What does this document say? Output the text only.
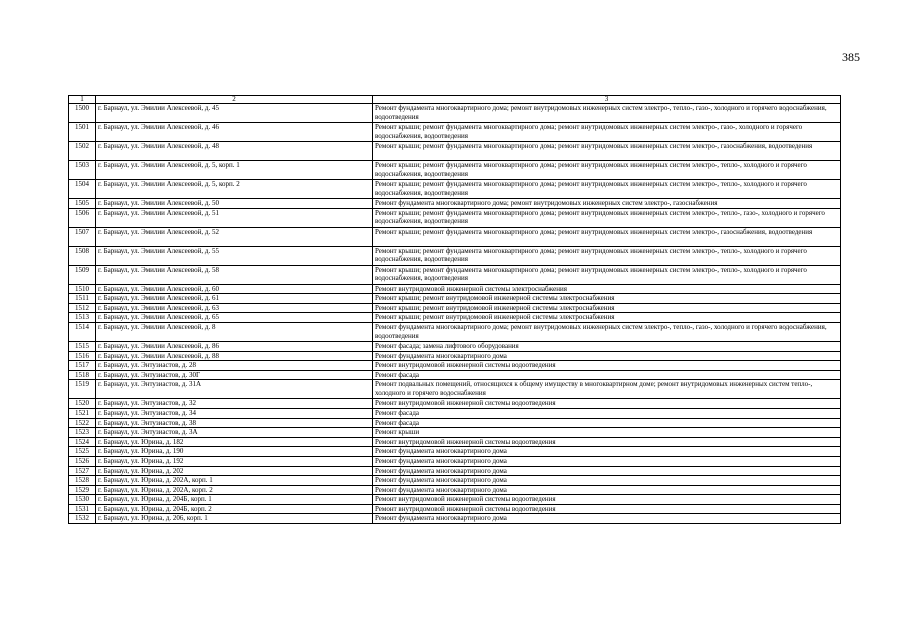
385
1	2	3
1500	г. Барнаул, ул. Эмилии Алексеевой, д. 45	Ремонт фундамента многоквартирного дома; ремонт внутридомовых инженерных систем электро-, тепло-, газо-, холодного и горячего водоснабжения, водоотведения
1501	г. Барнаул, ул. Эмилии Алексеевой, д. 46	Ремонт крыши; ремонт фундамента многоквартирного дома; ремонт внутридомовых инженерных систем электро-, газо-, холодного и горячего водоснабжения, водоотведения
1502	г. Барнаул, ул. Эмилии Алексеевой, д. 48	Ремонт крыши; ремонт фундамента многоквартирного дома; ремонт внутридомовых инженерных систем электро-, газоснабжения, водоотведения
1503	г. Барнаул, ул. Эмилии Алексеевой, д. 5, корп. 1	Ремонт крыши; ремонт фундамента многоквартирного дома; ремонт внутридомовых инженерных систем электро-, тепло-, холодного и горячего водоснабжения, водоотведения
1504	г. Барнаул, ул. Эмилии Алексеевой, д. 5, корп. 2	Ремонт крыши; ремонт фундамента многоквартирного дома; ремонт внутридомовых инженерных систем электро-, тепло-, холодного и горячего водоснабжения, водоотведения
1505	г. Барнаул, ул. Эмилии Алексеевой, д. 50	Ремонт фундамента многоквартирного дома; ремонт внутридомовых инженерных систем электро-, газоснабжения
1506	г. Барнаул, ул. Эмилии Алексеевой, д. 51	Ремонт крыши; ремонт фундамента многоквартирного дома; ремонт внутридомовых инженерных систем электро-, тепло-, газо-, холодного и горячего водоснабжения, водоотведения
1507	г. Барнаул, ул. Эмилии Алексеевой, д. 52	Ремонт крыши; ремонт фундамента многоквартирного дома; ремонт внутридомовых инженерных систем электро-, газоснабжения, водоотведения
1508	г. Барнаул, ул. Эмилии Алексеевой, д. 55	Ремонт крыши; ремонт фундамента многоквартирного дома; ремонт внутридомовых инженерных систем электро-, тепло-, холодного и горячего водоснабжения, водоотведения
1509	г. Барнаул, ул. Эмилии Алексеевой, д. 58	Ремонт крыши; ремонт фундамента многоквартирного дома; ремонт внутридомовых инженерных систем электро-, тепло-, холодного и горячего водоснабжения, водоотведения
1510	г. Барнаул, ул. Эмилии Алексеевой, д. 60	Ремонт внутридомовой инженерной системы электроснабжения
1511	г. Барнаул, ул. Эмилии Алексеевой, д. 61	Ремонт крыши; ремонт внутридомовой инженерной системы электроснабжения
1512	г. Барнаул, ул. Эмилии Алексеевой, д. 63	Ремонт крыши; ремонт внутридомовой инженерной системы электроснабжения
1513	г. Барнаул, ул. Эмилии Алексеевой, д. 65	Ремонт крыши; ремонт внутридомовой инженерной системы электроснабжения
1514	г. Барнаул, ул. Эмилии Алексеевой, д. 8	Ремонт фундамента многоквартирного дома; ремонт внутридомовых инженерных систем электро-, тепло-, газо-, холодного и горячего водоснабжения, водоотведения
1515	г. Барнаул, ул. Эмилии Алексеевой, д. 86	Ремонт фасада; замена лифтового оборудования
1516	г. Барнаул, ул. Эмилии Алексеевой, д. 88	Ремонт фундамента многоквартирного дома
1517	г. Барнаул, ул. Энтузиастов, д. 28	Ремонт внутридомовой инженерной системы водоотведения
1518	г. Барнаул, ул. Энтузиастов, д. 30Г	Ремонт фасада
1519	г. Барнаул, ул. Энтузиастов, д. 31А	Ремонт подвальных помещений, относящихся к общему имуществу в многоквартирном доме; ремонт внутридомовых инженерных систем тепло-, холодного и горячего водоснабжения
1520	г. Барнаул, ул. Энтузиастов, д. 32	Ремонт внутридомовой инженерной системы водоотведения
1521	г. Барнаул, ул. Энтузиастов, д. 34	Ремонт фасада
1522	г. Барнаул, ул. Энтузиастов, д. 38	Ремонт фасада
1523	г. Барнаул, ул. Энтузиастов, д. 3А	Ремонт крыши
1524	г. Барнаул, ул. Юрина, д. 182	Ремонт внутридомовой инженерной системы водоотведения
1525	г. Барнаул, ул. Юрина, д. 190	Ремонт фундамента многоквартирного дома
1526	г. Барнаул, ул. Юрина, д. 192	Ремонт фундамента многоквартирного дома
1527	г. Барнаул, ул. Юрина, д. 202	Ремонт фундамента многоквартирного дома
1528	г. Барнаул, ул. Юрина, д. 202А, корп. 1	Ремонт фундамента многоквартирного дома
1529	г. Барнаул, ул. Юрина, д. 202А, корп. 2	Ремонт фундамента многоквартирного дома
1530	г. Барнаул, ул. Юрина, д. 204Б, корп. 1	Ремонт внутридомовой инженерной системы водоотведения
1531	г. Барнаул, ул. Юрина, д. 204Б, корп. 2	Ремонт внутридомовой инженерной системы водоотведения
1532	г. Барнаул, ул. Юрина, д. 206, корп. 1	Ремонт фундамента многоквартирного дома
